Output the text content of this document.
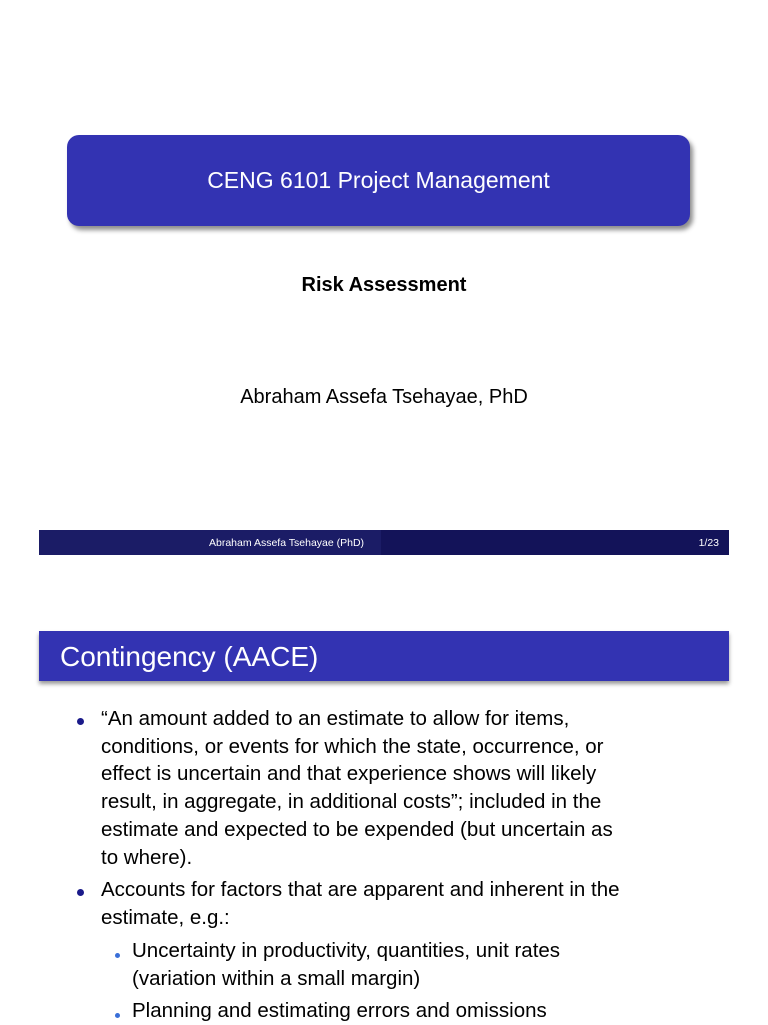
CENG 6101 Project Management
Risk Assessment
Abraham Assefa Tsehayae, PhD
Abraham Assefa Tsehayae (PhD)	1/23
Contingency (AACE)
“An amount added to an estimate to allow for items,
conditions, or events for which the state, occurrence, or
effect is uncertain and that experience shows will likely
result, in aggregate, in additional costs”; included in the
estimate and expected to be expended (but uncertain as
to where).
Accounts for factors that are apparent and inherent in the
estimate, e.g.:
Uncertainty in productivity, quantities, unit rates
(variation within a small margin)
Planning and estimating errors and omissions
